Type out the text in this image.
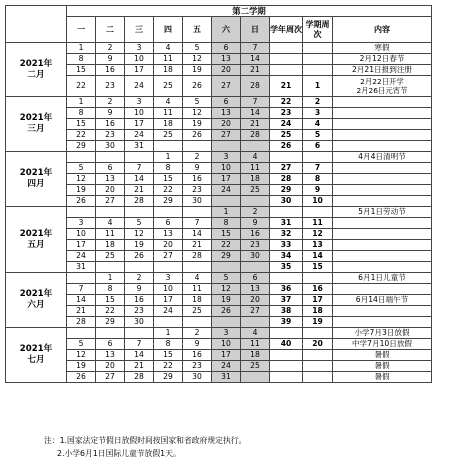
	第二学期									
	一	二	三	四	五	六	日	学年周次	学期周次	内容
2021年
二月	1	2	3	4	5	6	7			寒假
	8	9	10	11	12	13	14			2月12日春节
	15	16	17	18	19	20	21			2月21日报到注册
	22	23	24	25	26	27	28	21	1	2月22日开学
2月26日元宵节
2021年
三月	1	2	3	4	5	6	7	22	2	
	8	9	10	11	12	13	14	23	3	
	15	16	17	18	19	20	21	24	4	
	22	23	24	25	26	27	28	25	5	
	29	30	31					26	6	
2021年
四月				1	2	3	4			4月4日清明节
	5	6	7	8	9	10	11	27	7	
	12	13	14	15	16	17	18	28	8	
	19	20	21	22	23	24	25	29	9	
	26	27	28	29	30			30	10	
2021年
五月						1	2			5月1日劳动节
	3	4	5	6	7	8	9	31	11	
	10	11	12	13	14	15	16	32	12	
	17	18	19	20	21	22	23	33	13	
	24	25	26	27	28	29	30	34	14	
	31							35	15	
2021年
六月		1	2	3	4	5	6			6月1日儿童节
	7	8	9	10	11	12	13	36	16	
	14	15	16	17	18	19	20	37	17	6月14日端午节
	21	22	23	24	25	26	27	38	18	
	28	29	30					39	19	
2021年
七月				1	2	3	4			小学7月3日放假
	5	6	7	8	9	10	11	40	20	中学7月10日放假
	12	13	14	15	16	17	18			暑假
	19	20	21	22	23	24	25			暑假
	26	27	28	29	30	31				暑假
注：1.国家法定节假日放假时间按国家和省政府规定执行。
2.小学6月1日国际儿童节放假1天。
